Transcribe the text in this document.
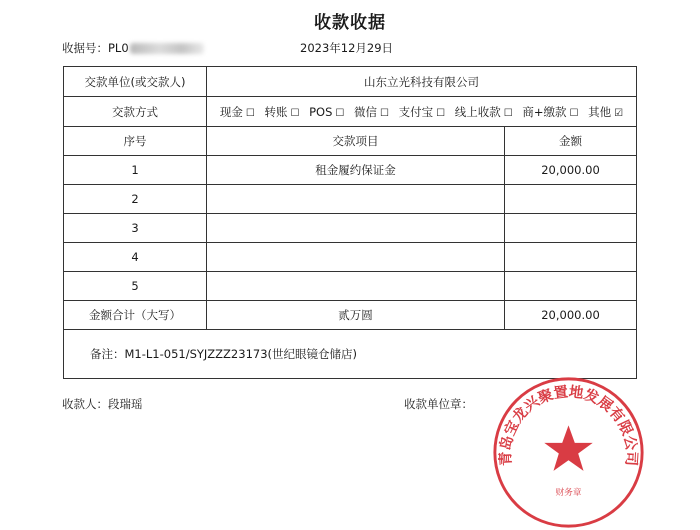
收款收据
收据号：PL0	2023年12月29日
交款单位(或交款人)	山东立光科技有限公司	
交款方式	现金 ☐ 转账 ☐ POS ☐ 微信 ☐ 支付宝 ☐ 线上收款 ☐ 商+缴款 ☐ 其他 ☑	
序号	交款项目	金额
1	租金履约保证金	20,000.00
2		
3		
4		
5		
金额合计（大写）	贰万圆	20,000.00
备注：M1-L1-051/SYJZZZ23173(世纪眼镜仓储店)		
收款人：段瑞瑶	收款单位章：
青岛宝龙兴聚置地发展有限公司
财务章
